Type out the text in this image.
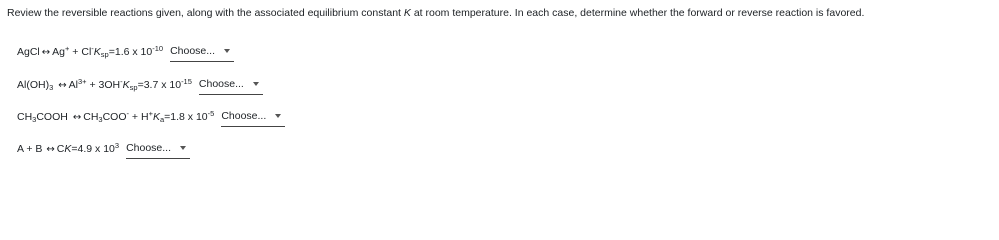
Review the reversible reactions given, along with the associated equilibrium constant K at room temperature. In each case, determine whether the forward or reverse reaction is favored.
AgCl ↔ $Ag^+ + Cl^-K_{sp}=1.6$ x $10^{-10}$ Choose...
$Al(OH)_3$ ↔ $Al^{3+} + 3OH^-K_{sp}=3.7$ x $10^{-15}$ Choose...
$CH_3COOH$ ↔ $CH_3COO^- + H^+K_a=1.8$ x $10^{-5}$ Choose...
A + B ↔ CK=4.9 x $10^3$ Choose...
